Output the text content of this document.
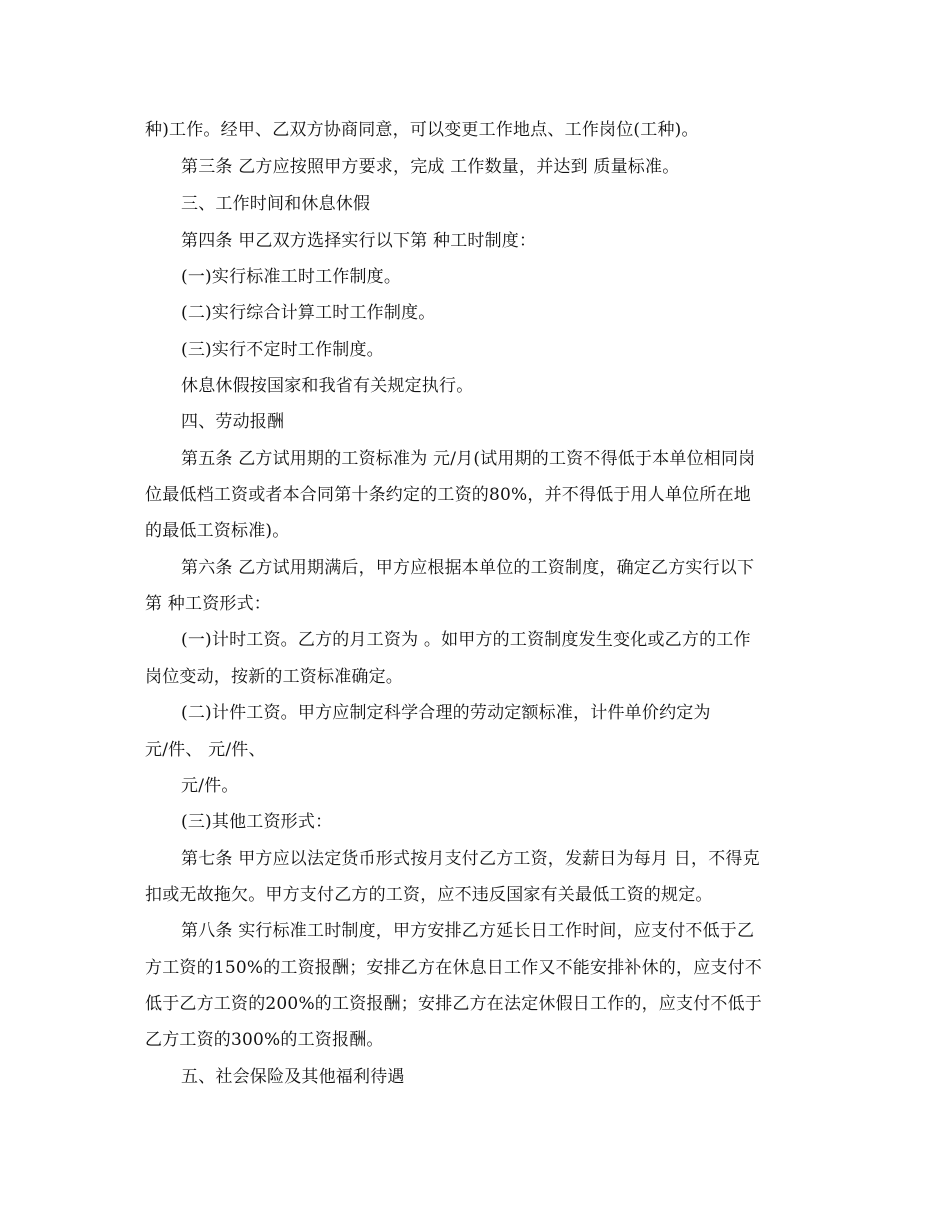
种)工作。经甲、乙双方协商同意，可以变更工作地点、工作岗位(工种)。
第三条 乙方应按照甲方要求，完成 工作数量，并达到 质量标准。
三、工作时间和休息休假
第四条 甲乙双方选择实行以下第 种工时制度：
(一)实行标准工时工作制度。
(二)实行综合计算工时工作制度。
(三)实行不定时工作制度。
休息休假按国家和我省有关规定执行。
四、劳动报酬
第五条 乙方试用期的工资标准为 元/月(试用期的工资不得低于本单位相同岗
位最低档工资或者本合同第十条约定的工资的80%，并不得低于用人单位所在地
的最低工资标准)。
第六条 乙方试用期满后，甲方应根据本单位的工资制度，确定乙方实行以下
第 种工资形式：
(一)计时工资。乙方的月工资为 。如甲方的工资制度发生变化或乙方的工作
岗位变动，按新的工资标准确定。
(二)计件工资。甲方应制定科学合理的劳动定额标准，计件单价约定为
元/件、 元/件、
元/件。
(三)其他工资形式：
第七条 甲方应以法定货币形式按月支付乙方工资，发薪日为每月 日，不得克
扣或无故拖欠。甲方支付乙方的工资，应不违反国家有关最低工资的规定。
第八条 实行标准工时制度，甲方安排乙方延长日工作时间，应支付不低于乙
方工资的150%的工资报酬；安排乙方在休息日工作又不能安排补休的，应支付不
低于乙方工资的200%的工资报酬；安排乙方在法定休假日工作的，应支付不低于
乙方工资的300%的工资报酬。
五、社会保险及其他福利待遇
